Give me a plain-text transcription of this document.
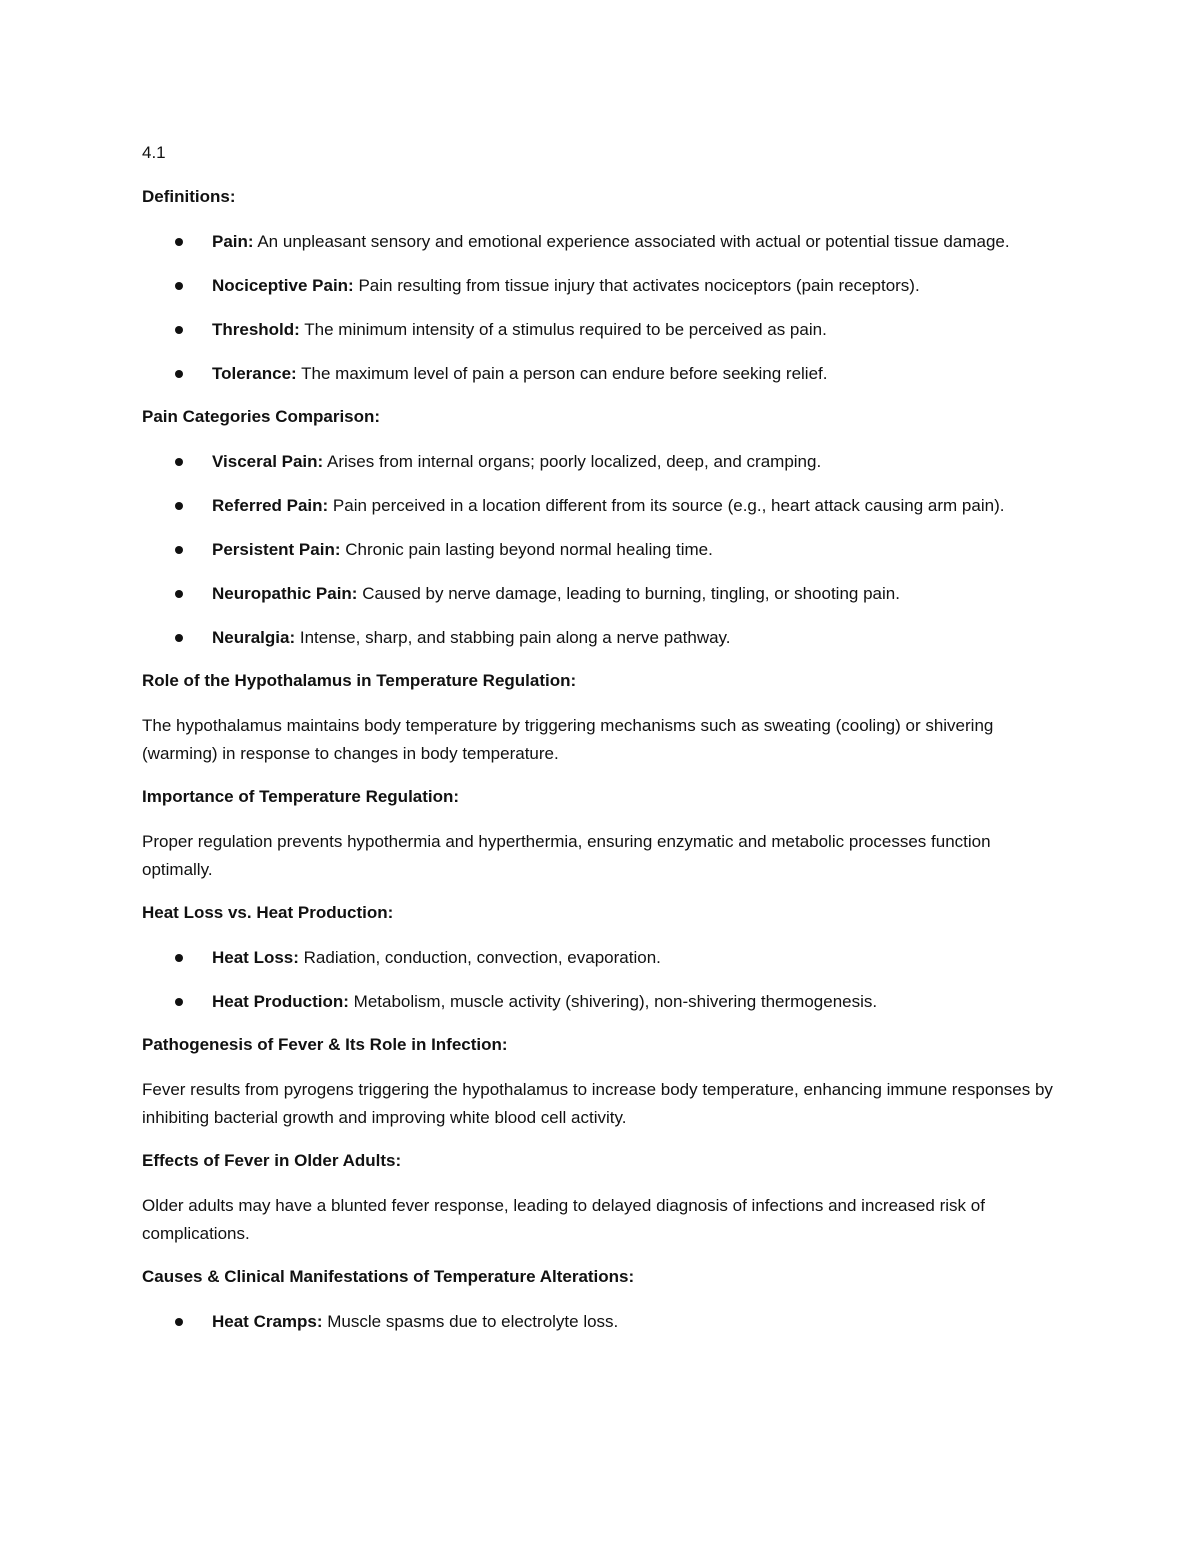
4.1
Definitions:
Pain: An unpleasant sensory and emotional experience associated with actual or potential tissue damage.
Nociceptive Pain: Pain resulting from tissue injury that activates nociceptors (pain receptors).
Threshold: The minimum intensity of a stimulus required to be perceived as pain.
Tolerance: The maximum level of pain a person can endure before seeking relief.
Pain Categories Comparison:
Visceral Pain: Arises from internal organs; poorly localized, deep, and cramping.
Referred Pain: Pain perceived in a location different from its source (e.g., heart attack causing arm pain).
Persistent Pain: Chronic pain lasting beyond normal healing time.
Neuropathic Pain: Caused by nerve damage, leading to burning, tingling, or shooting pain.
Neuralgia: Intense, sharp, and stabbing pain along a nerve pathway.
Role of the Hypothalamus in Temperature Regulation:

The hypothalamus maintains body temperature by triggering mechanisms such as sweating (cooling) or shivering (warming) in response to changes in body temperature.

Importance of Temperature Regulation:

Proper regulation prevents hypothermia and hyperthermia, ensuring enzymatic and metabolic processes function optimally.

Heat Loss vs. Heat Production:
Heat Loss: Radiation, conduction, convection, evaporation.
Heat Production: Metabolism, muscle activity (shivering), non-shivering thermogenesis.
Pathogenesis of Fever & Its Role in Infection:

Fever results from pyrogens triggering the hypothalamus to increase body temperature, enhancing immune responses by inhibiting bacterial growth and improving white blood cell activity.

Effects of Fever in Older Adults:

Older adults may have a blunted fever response, leading to delayed diagnosis of infections and increased risk of complications.

Causes & Clinical Manifestations of Temperature Alterations:
Heat Cramps: Muscle spasms due to electrolyte loss.
